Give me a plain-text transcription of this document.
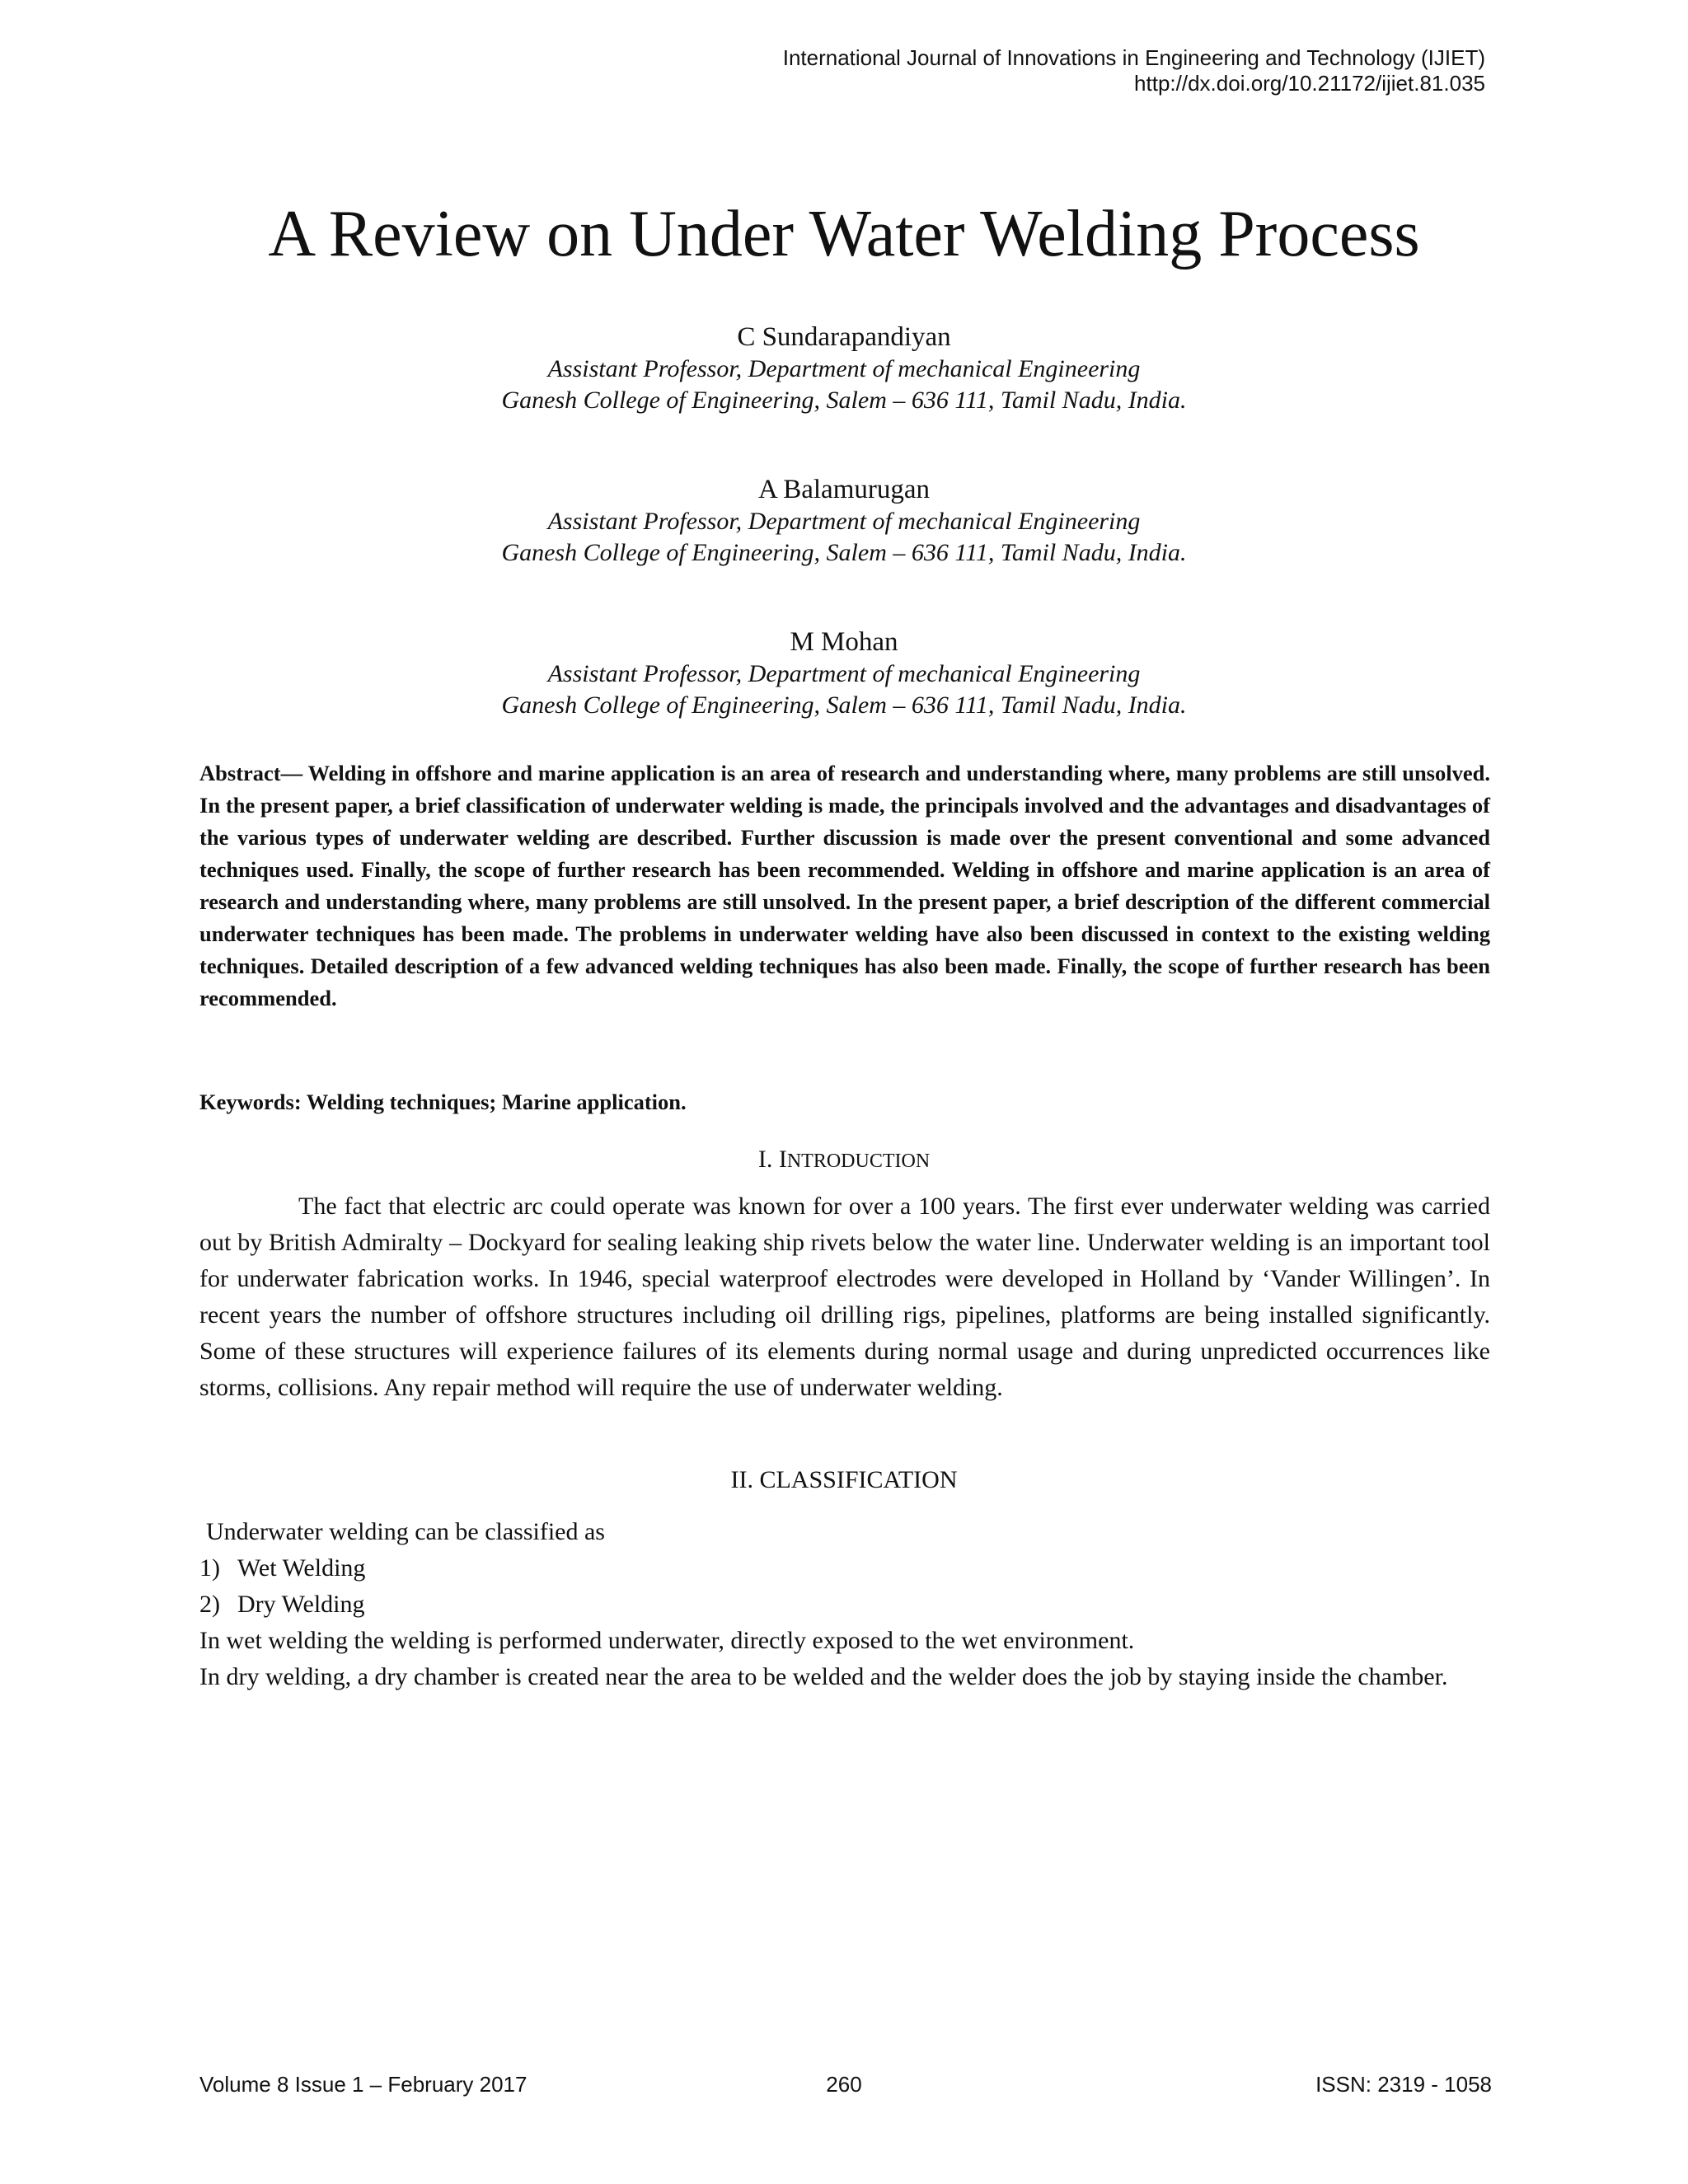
International Journal of Innovations in Engineering and Technology (IJIET)
http://dx.doi.org/10.21172/ijiet.81.035
A Review on Under Water Welding Process
C Sundarapandiyan
Assistant Professor, Department of mechanical Engineering
Ganesh College of Engineering, Salem – 636 111, Tamil Nadu, India.
A Balamurugan
Assistant Professor, Department of mechanical Engineering
Ganesh College of Engineering, Salem – 636 111, Tamil Nadu, India.
M Mohan
Assistant Professor, Department of mechanical Engineering
Ganesh College of Engineering, Salem – 636 111, Tamil Nadu, India.
Abstract— Welding in offshore and marine application is an area of research and understanding where, many problems are still unsolved. In the present paper, a brief classification of underwater welding is made, the principals involved and the advantages and disadvantages of the various types of underwater welding are described. Further discussion is made over the present conventional and some advanced techniques used. Finally, the scope of further research has been recommended. Welding in offshore and marine application is an area of research and understanding where, many problems are still unsolved. In the present paper, a brief description of the different commercial underwater techniques has been made. The problems in underwater welding have also been discussed in context to the existing welding techniques. Detailed description of a few advanced welding techniques has also been made. Finally, the scope of further research has been recommended.
Keywords: Welding techniques; Marine application.
I. INTRODUCTION
The fact that electric arc could operate was known for over a 100 years. The first ever underwater welding was carried out by British Admiralty – Dockyard for sealing leaking ship rivets below the water line. Underwater welding is an important tool for underwater fabrication works. In 1946, special waterproof electrodes were developed in Holland by ‘Vander Willingen’. In recent years the number of offshore structures including oil drilling rigs, pipelines, platforms are being installed significantly. Some of these structures will experience failures of its elements during normal usage and during unpredicted occurrences like storms, collisions. Any repair method will require the use of underwater welding.
II. CLASSIFICATION

Underwater welding can be classified as

1) Wet Welding
2) Dry Welding

In wet welding the welding is performed underwater, directly exposed to the wet environment.

In dry welding, a dry chamber is created near the area to be welded and the welder does the job by staying inside the chamber.

Volume 8 Issue 1 – February 2017	260	ISSN: 2319 - 1058
